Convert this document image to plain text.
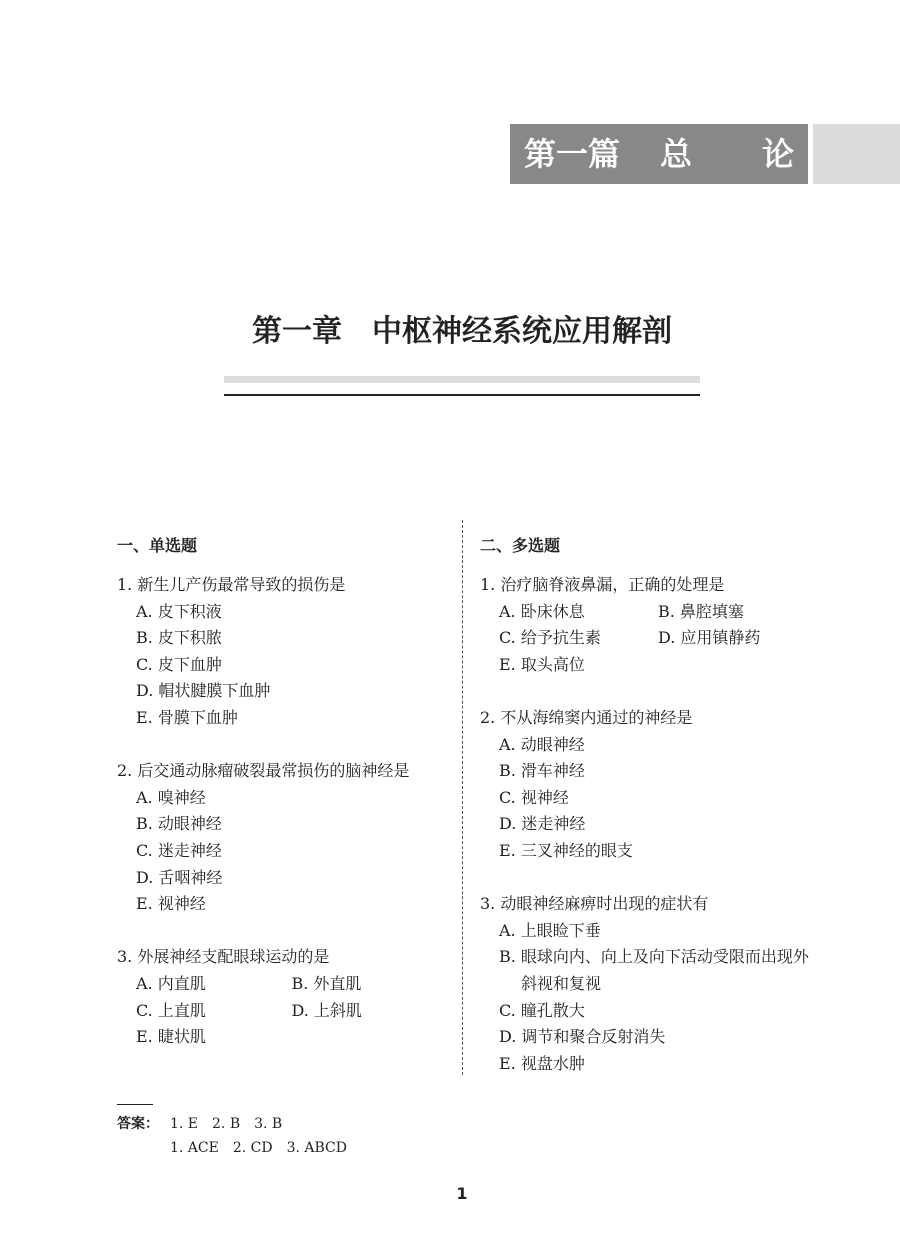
第一篇 总 论
第一章　中枢神经系统应用解剖
一、单选题
1. 新生儿产伤最常导致的损伤是
A. 皮下积液
B. 皮下积脓
C. 皮下血肿
D. 帽状腱膜下血肿
E. 骨膜下血肿
2. 后交通动脉瘤破裂最常损伤的脑神经是
A. 嗅神经
B. 动眼神经
C. 迷走神经
D. 舌咽神经
E. 视神经
3. 外展神经支配眼球运动的是
A. 内直肌	B. 外直肌
C. 上直肌	D. 上斜肌
E. 睫状肌
二、多选题
1. 治疗脑脊液鼻漏，正确的处理是
A. 卧床休息	B. 鼻腔填塞
C. 给予抗生素	D. 应用镇静药
E. 取头高位
2. 不从海绵窦内通过的神经是
A. 动眼神经
B. 滑车神经
C. 视神经
D. 迷走神经
E. 三叉神经的眼支
3. 动眼神经麻痹时出现的症状有
A. 上眼睑下垂
B. 眼球向内、向上及向下活动受限而出现外斜视和复视
C. 瞳孔散大
D. 调节和聚合反射消失
E. 视盘水肿
答案： 1. E　2. B　3. B
1. ACE　2. CD　3. ABCD
1
